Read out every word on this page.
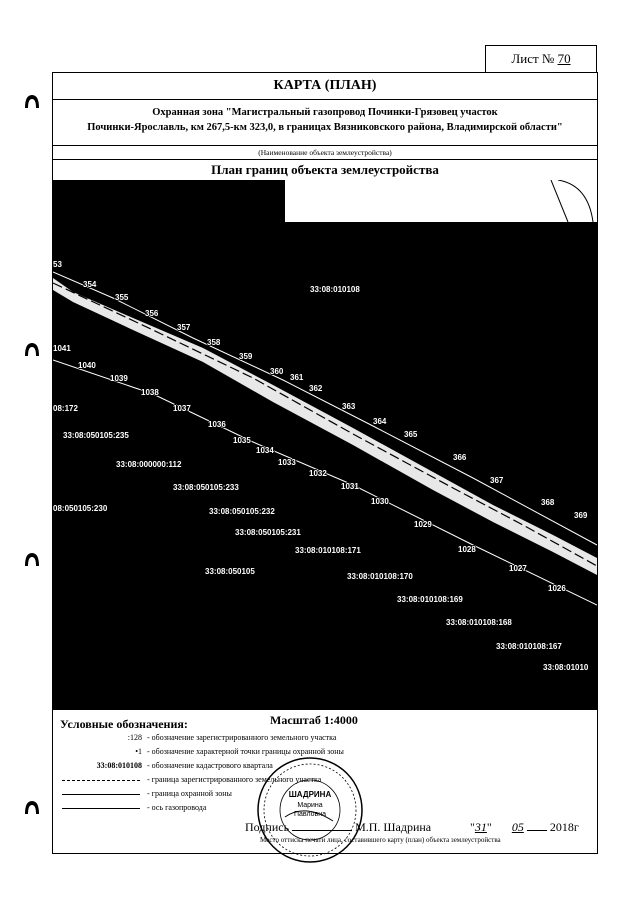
Лист № 70
КАРТА (ПЛАН)
Охранная зона "Магистральный газопровод Починки-Грязовец участок
Починки-Ярославль, км 267,5-км 323,0, в границах Вязниковского района, Владимирской области"
(Наименование объекта землеустройства)
План границ объекта землеустройства
53
354
355
356
357
358
359
360
361
362
363
364
365
366
367
368
369
1041
1040
1039
1038
1037
1036
1035
1034
1033
1032
1031
1030
1029
1028
1027
1026
33:08:010108
08:172
33:08:050105:235
33:08:000000:112
33:08:050105:233
08:050105:230	33:08:050105:232
33:08:050105:231
33:08:010108:171
33:08:050105
33:08:010108:170
33:08:010108:169
33:08:010108:168
33:08:010108:167
33:08:01010
Условные обозначения:	Масштаб 1:4000
:128 - обозначение зарегистрированного земельного участка
•1 - обозначение характерной точки границы охранной зоны
33:08:010108 - обозначение кадастрового квартала
- граница зарегистрированного земельного участка
- граница охранной зоны
- ось газопровода
Подпись	М.П. Шадрина
Место оттиска печати лица, составившего карту (план) объекта землеустройства
"31"  05 2018г
ШАДРИНА
Марина
Павловна
